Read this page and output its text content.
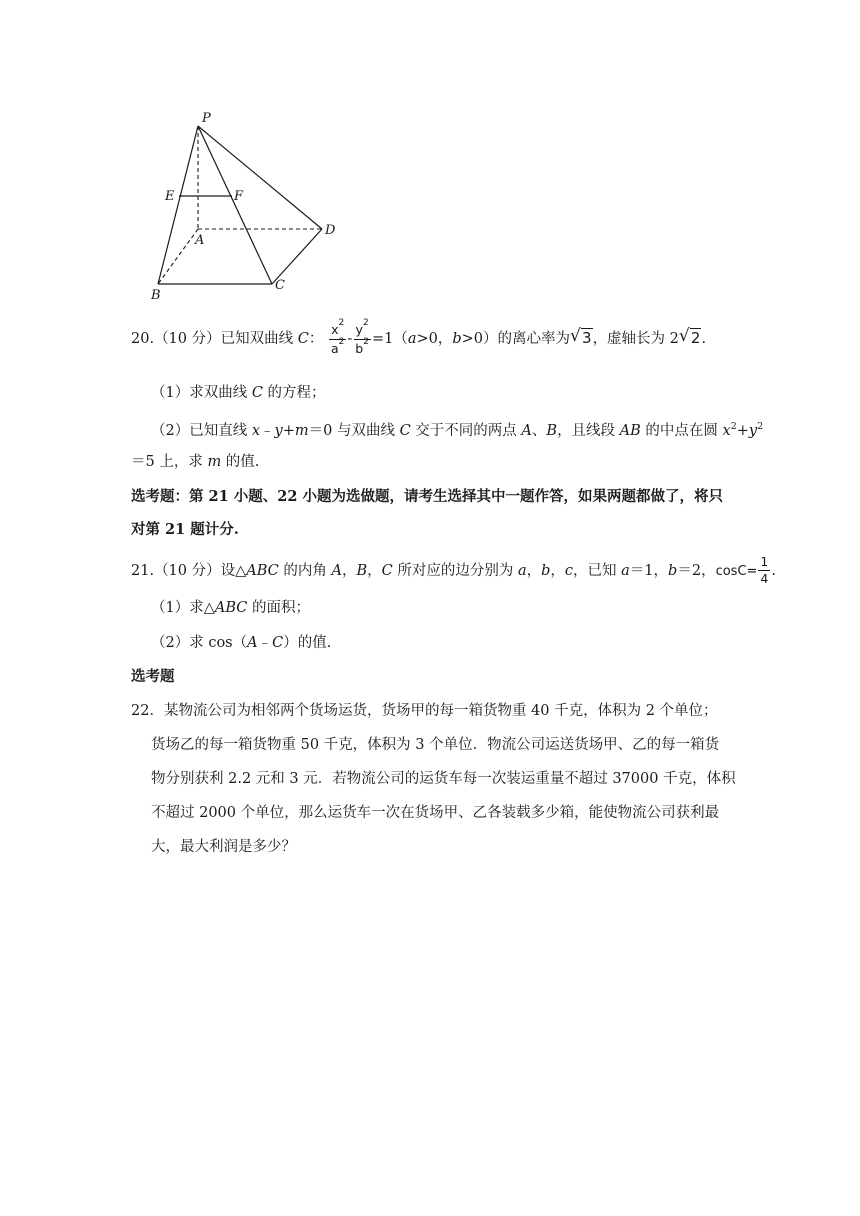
P
E	F
A
D
B
C
20.（10 分）已知双曲线 C： $\frac{x^2}{a^2} - \frac{y^2}{b^2} =1(a>0$，b>0）的离心率为 √ 3，虚轴长为 2 √ 2.
（1）求双曲线 C 的方程；
（2）已知直线 x﹣y+m＝0 与双曲线 C 交于不同的两点 A、B，且线段 AB 的中点在圆 $x^2+y^2$
＝5 上，求 m 的值.
选考题：第 21 小题、22 小题为选做题，请考生选择其中一题作答，如果两题都做了，将只
对第 21 题计分.
21.（10 分）设△ABC 的内角 A，B，C 所对应的边分别为 a，b，c，已知 a＝1，b＝2，$\cos C= \frac{1}{4}$ .
（1）求△ABC 的面积；
（2）求 cos（A﹣C）的值.
选考题
22．某物流公司为相邻两个货场运货，货场甲的每一箱货物重 40 千克，体积为 2 个单位；
货场乙的每一箱货物重 50 千克，体积为 3 个单位．物流公司运送货场甲、乙的每一箱货
物分别获利 2.2 元和 3 元．若物流公司的运货车每一次装运重量不超过 37000 千克，体积
不超过 2000 个单位，那么运货车一次在货场甲、乙各装载多少箱，能使物流公司获利最
大，最大利润是多少？
